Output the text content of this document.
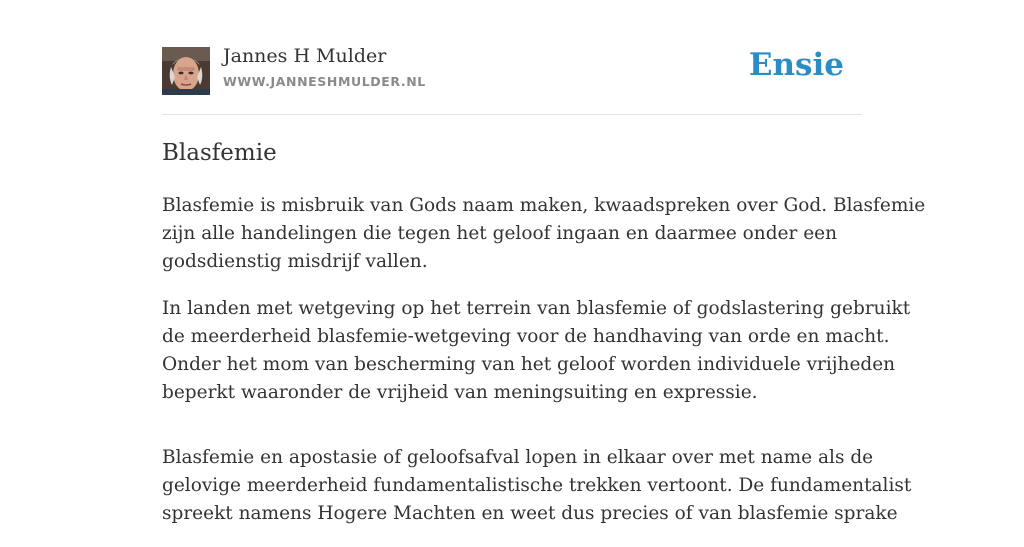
Jannes H Mulder
WWW.JANNESHMULDER.NL	Ensie
Blasfemie

Blasfemie is misbruik van Gods naam maken, kwaadspreken over God. Blasfemie
zijn alle handelingen die tegen het geloof ingaan en daarmee onder een
godsdienstig misdrijf vallen.

In landen met wetgeving op het terrein van blasfemie of godslastering gebruikt
de meerderheid blasfemie-wetgeving voor de handhaving van orde en macht.
Onder het mom van bescherming van het geloof worden individuele vrijheden
beperkt waaronder de vrijheid van meningsuiting en expressie.

Blasfemie en apostasie of geloofsafval lopen in elkaar over met name als de
gelovige meerderheid fundamentalistische trekken vertoont. De fundamentalist
spreekt namens Hogere Machten en weet dus precies of van blasfemie sprake
